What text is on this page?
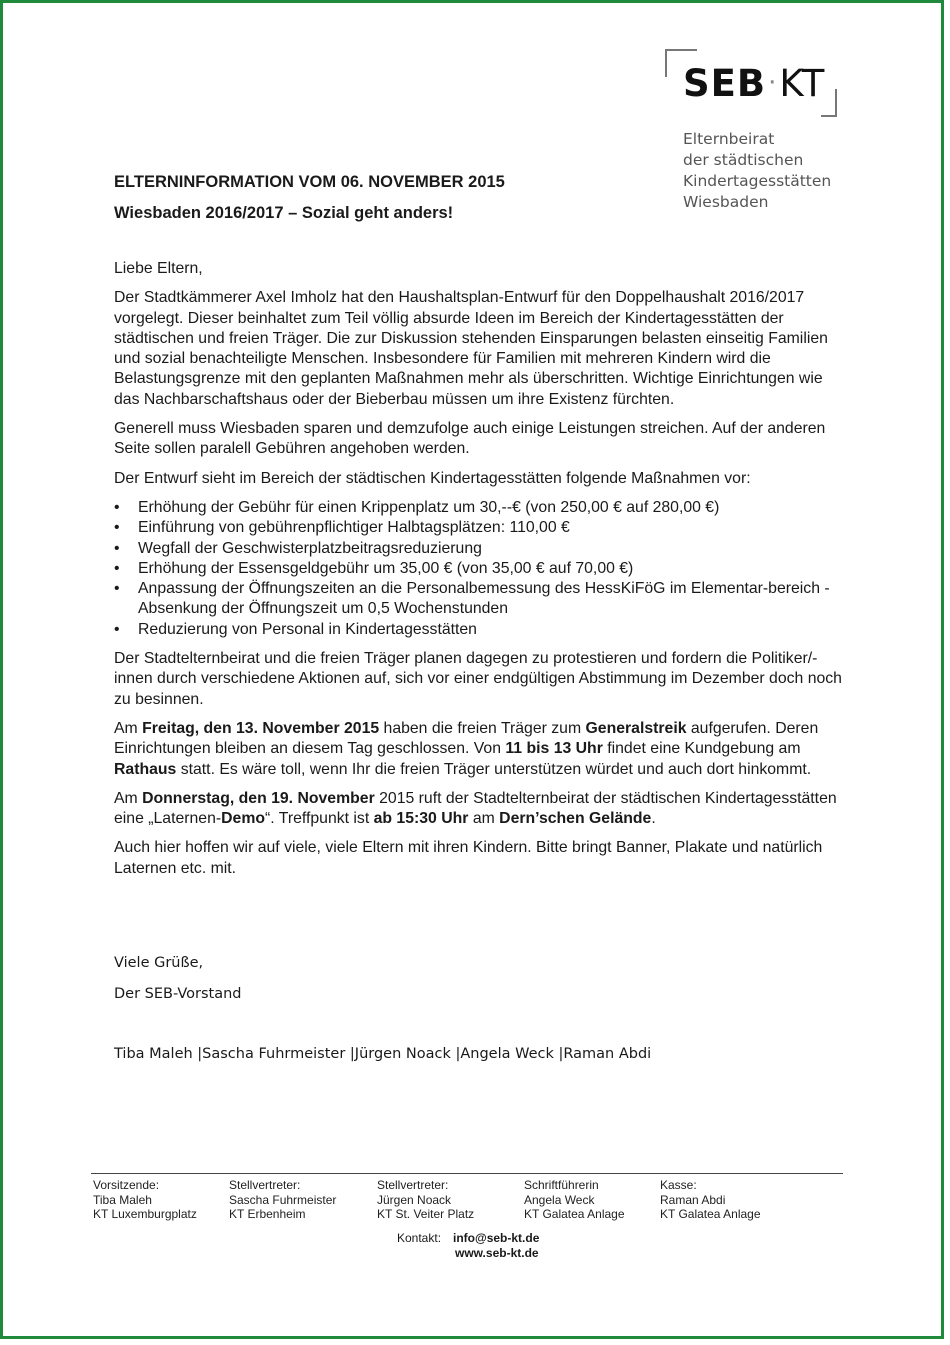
SEB·KT
Elternbeirat
der städtischen
Kindertagesstätten
Wiesbaden
ELTERNINFORMATION VOM 06. NOVEMBER 2015
Wiesbaden 2016/2017 – Sozial geht anders!

Liebe Eltern,

Der Stadtkämmerer Axel Imholz hat den Haushaltsplan-Entwurf für den Doppelhaushalt 2016/2017 vorgelegt. Dieser beinhaltet zum Teil völlig absurde Ideen im Bereich der Kindertagesstätten der städtischen und freien Träger. Die zur Diskussion stehenden Einsparungen belasten einseitig Familien und sozial benachteiligte Menschen. Insbesondere für Familien mit mehreren Kindern wird die Belastungsgrenze mit den geplanten Maßnahmen mehr als überschritten. Wichtige Einrichtungen wie das Nachbarschaftshaus oder der Bieberbau müssen um ihre Existenz fürchten.

Generell muss Wiesbaden sparen und demzufolge auch einige Leistungen streichen. Auf der anderen Seite sollen paralell Gebühren angehoben werden.

Der Entwurf sieht im Bereich der städtischen Kindertagesstätten folgende Maßnahmen vor:

• Erhöhung der Gebühr für einen Krippenplatz um 30,--€ (von 250,00 € auf 280,00 €)
• Einführung von gebührenpflichtiger Halbtagsplätzen: 110,00 €
• Wegfall der Geschwisterplatzbeitragsreduzierung
• Erhöhung der Essensgeldgebühr um 35,00 € (von 35,00 € auf 70,00 €)
• Anpassung der Öffnungszeiten an die Personalbemessung des HessKiFöG im Elementar-bereich - Absenkung der Öffnungszeit um 0,5 Wochenstunden
• Reduzierung von Personal in Kindertagesstätten

Der Stadtelternbeirat und die freien Träger planen dagegen zu protestieren und fordern die Politiker/-innen durch verschiedene Aktionen auf, sich vor einer endgültigen Abstimmung im Dezember doch noch zu besinnen.

Am Freitag, den 13. November 2015 haben die freien Träger zum Generalstreik aufgerufen. Deren Einrichtungen bleiben an diesem Tag geschlossen. Von 11 bis 13 Uhr findet eine Kundgebung am Rathaus statt. Es wäre toll, wenn Ihr die freien Träger unterstützen würdet und auch dort hinkommt.

Am Donnerstag, den 19. November 2015 ruft der Stadtelternbeirat der städtischen Kindertagesstätten eine „Laternen-Demo“. Treffpunkt ist ab 15:30 Uhr am Dern’schen Gelände.

Auch hier hoffen wir auf viele, viele Eltern mit ihren Kindern. Bitte bringt Banner, Plakate und natürlich Laternen etc. mit.

Viele Grüße,

Der SEB-Vorstand

Tiba Maleh |Sascha Fuhrmeister |Jürgen Noack |Angela Weck |Raman Abdi
Vorsitzende:
Tiba Maleh
KT Luxemburgplatz
Stellvertreter:
Sascha Fuhrmeister
KT Erbenheim
Stellvertreter:
Jürgen Noack
KT St. Veiter Platz
Schriftführerin
Angela Weck
KT Galatea Anlage
Kasse:
Raman Abdi
KT Galatea Anlage
Kontakt: info@seb-kt.de
www.seb-kt.de
